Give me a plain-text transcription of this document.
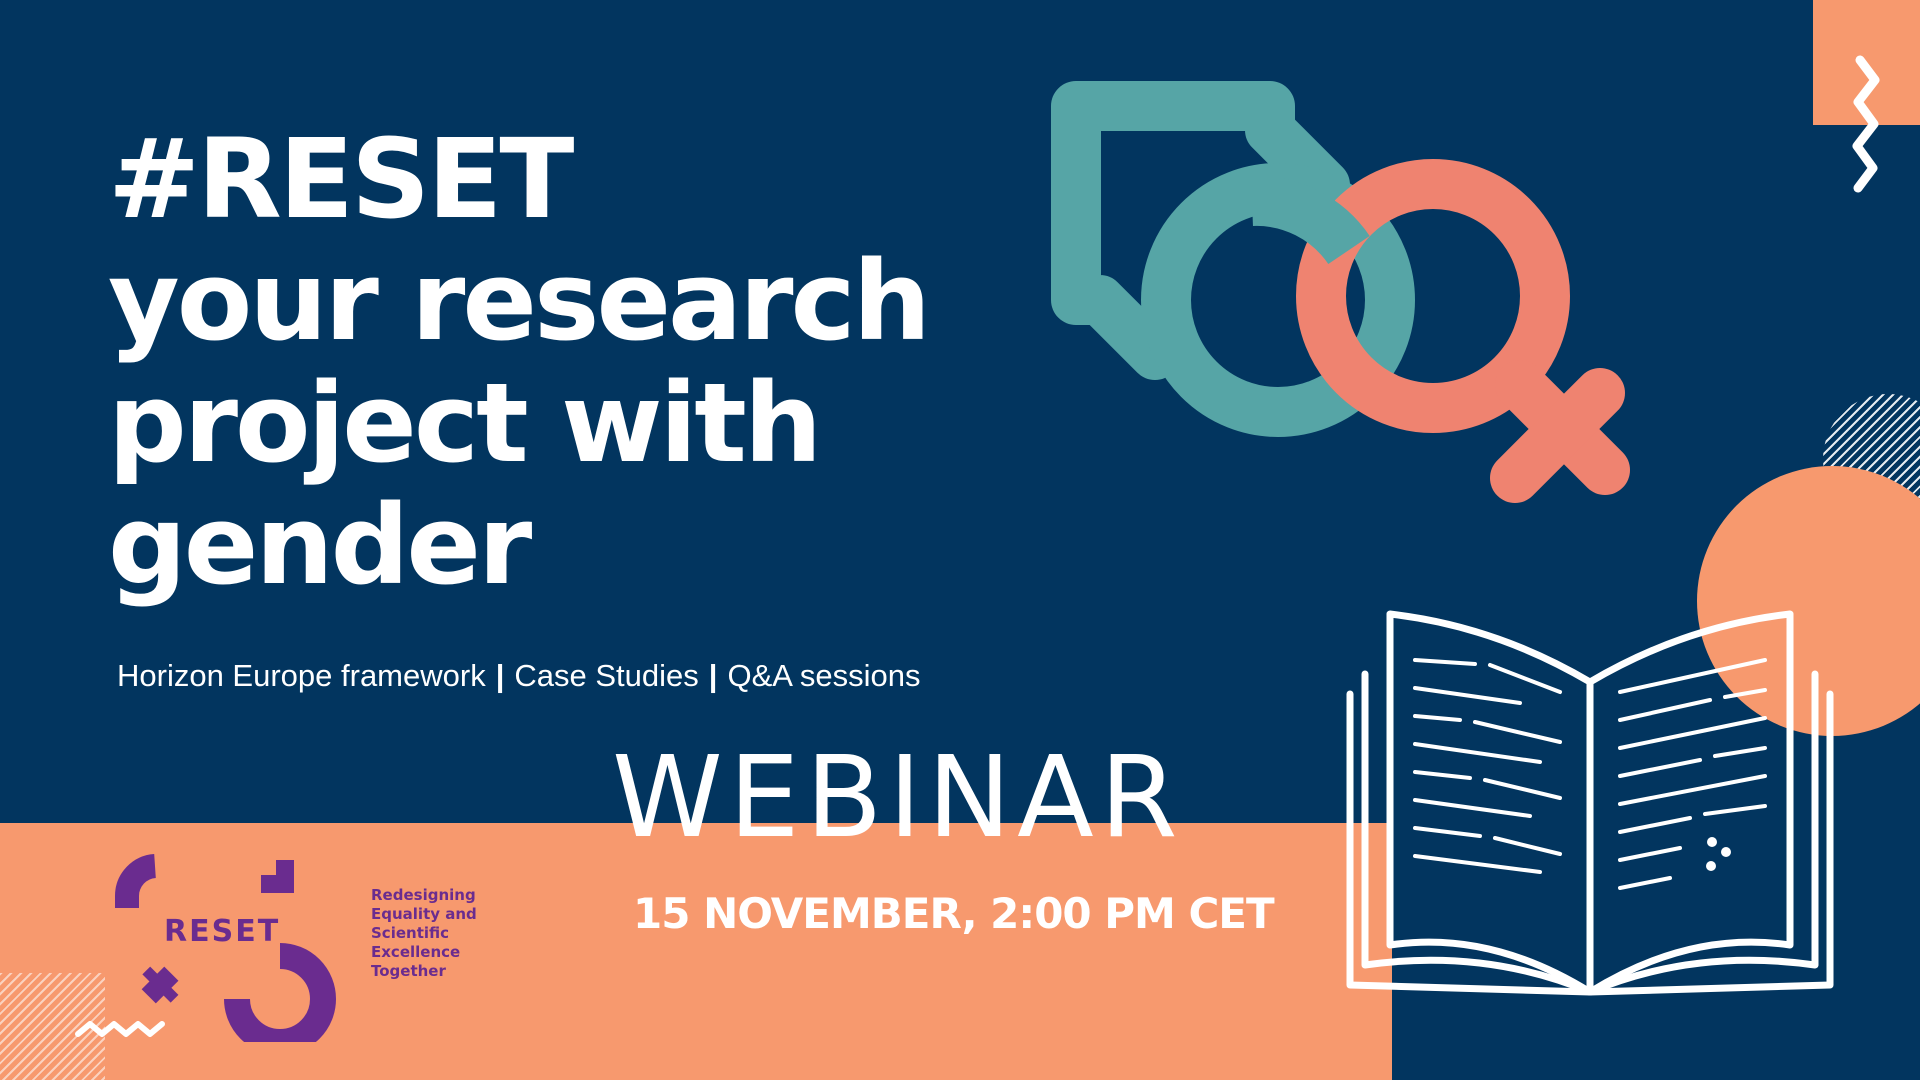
#RESET
your research
project with
gender
Horizon Europe framework | Case Studies | Q&A sessions
WEBINAR
15 NOVEMBER, 2:00 PM CET
RESET
Redesigning
Equality and
Scientific
Excellence
Together
